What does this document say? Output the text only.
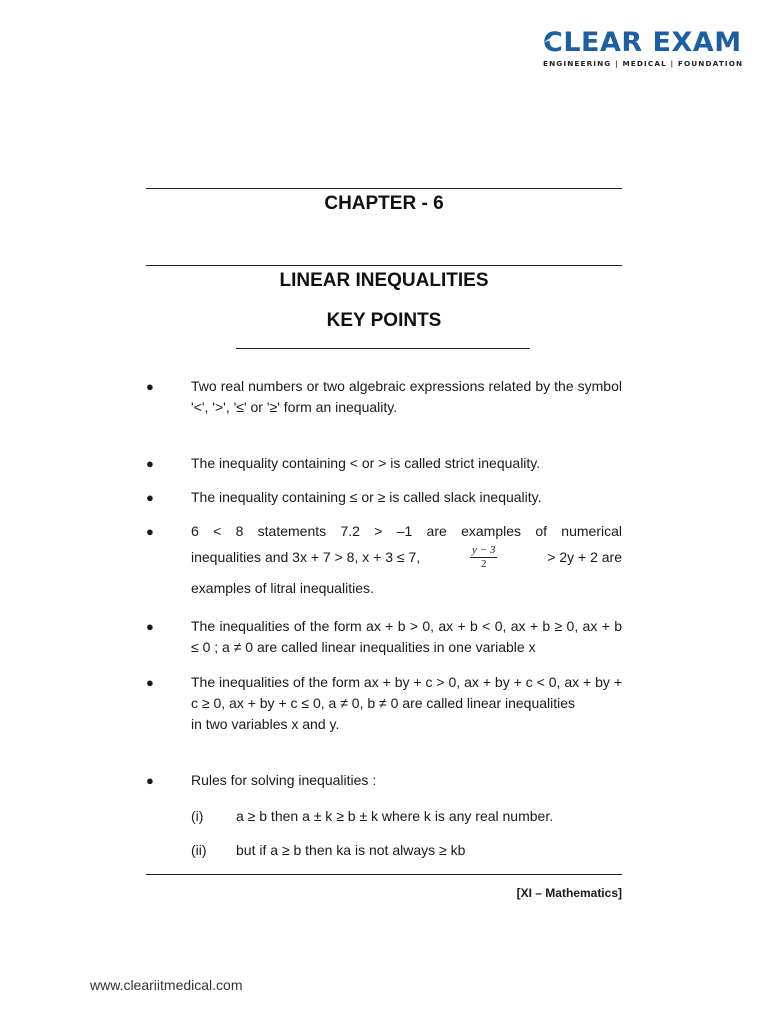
CLEAR EXAM
ENGINEERING | MEDICAL | FOUNDATION
CHAPTER - 6
LINEAR INEQUALITIES
KEY POINTS
●	Two real numbers or two algebraic expressions related by the symbol
'<', '>', '≤' or '≥' form an inequality.
●	The inequality containing < or > is called strict inequality.
●	The inequality containing ≤ or ≥ is called slack inequality.
●	6 < 8 statements 7.2 > –1 are examples of numerical
inequalities and 3x + 7 > 8, x + 3 ≤ 7,	$\frac{y - 3}{2}$	> 2y + 2 are
examples of litral inequalities.
●	The inequalities of the form ax + b > 0, ax + b < 0, ax + b ≥ 0, ax + b ≤ 0 ; a ≠ 0 are called linear inequalities in one variable x
●	The inequalities of the form ax + by + c > 0, ax + by + c < 0, ax + by + c ≥ 0, ax + by + c ≤ 0, a ≠ 0, b ≠ 0 are called linear inequalities
in two variables x and y.
●	Rules for solving inequalities :
(i) a ≥ b then a ± k ≥ b ± k where k is any real number.
(ii) but if a ≥ b then ka is not always ≥ kb
[XI – Mathematics]
www.cleariitmedical.com
